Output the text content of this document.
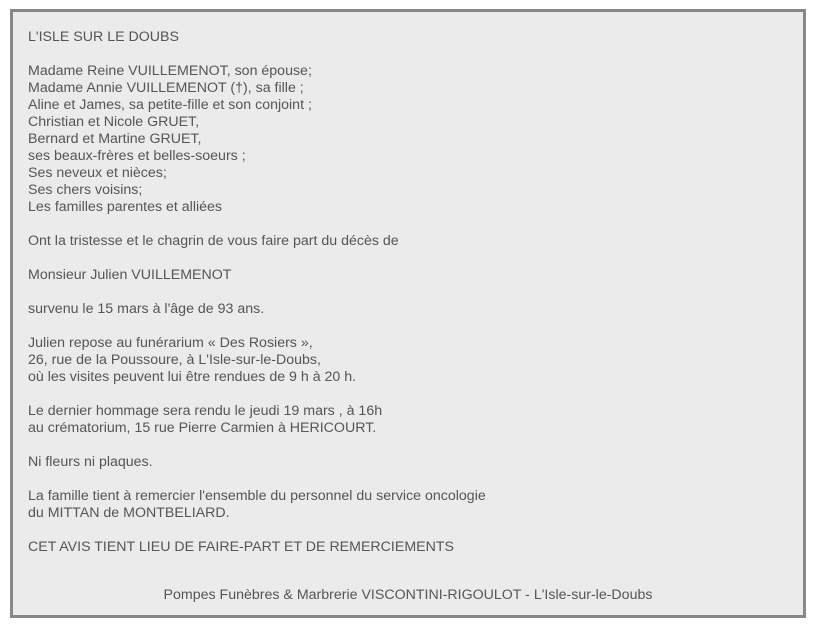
L'ISLE SUR LE DOUBS

Madame Reine VUILLEMENOT, son épouse;
Madame Annie VUILLEMENOT (†), sa fille ;
Aline et James, sa petite-fille et son conjoint ;
Christian et Nicole GRUET,
Bernard et Martine GRUET,
ses beaux-frères et belles-soeurs ;
Ses neveux et nièces;
Ses chers voisins;
Les familles parentes et alliées

Ont la tristesse et le chagrin de vous faire part du décès de

Monsieur Julien VUILLEMENOT

survenu le 15 mars à l'âge de 93 ans.

Julien repose au funérarium « Des Rosiers »,
26, rue de la Poussoure, à L'Isle-sur-le-Doubs,
où les visites peuvent lui être rendues de 9 h à 20 h.

Le dernier hommage sera rendu le jeudi 19 mars , à 16h
au crématorium, 15 rue Pierre Carmien à HERICOURT.

Ni fleurs ni plaques.

La famille tient à remercier l'ensemble du personnel du service oncologie
du MITTAN de MONTBELIARD.

CET AVIS TIENT LIEU DE FAIRE-PART ET DE REMERCIEMENTS

Pompes Funèbres & Marbrerie VISCONTINI-RIGOULOT - L'Isle-sur-le-Doubs
